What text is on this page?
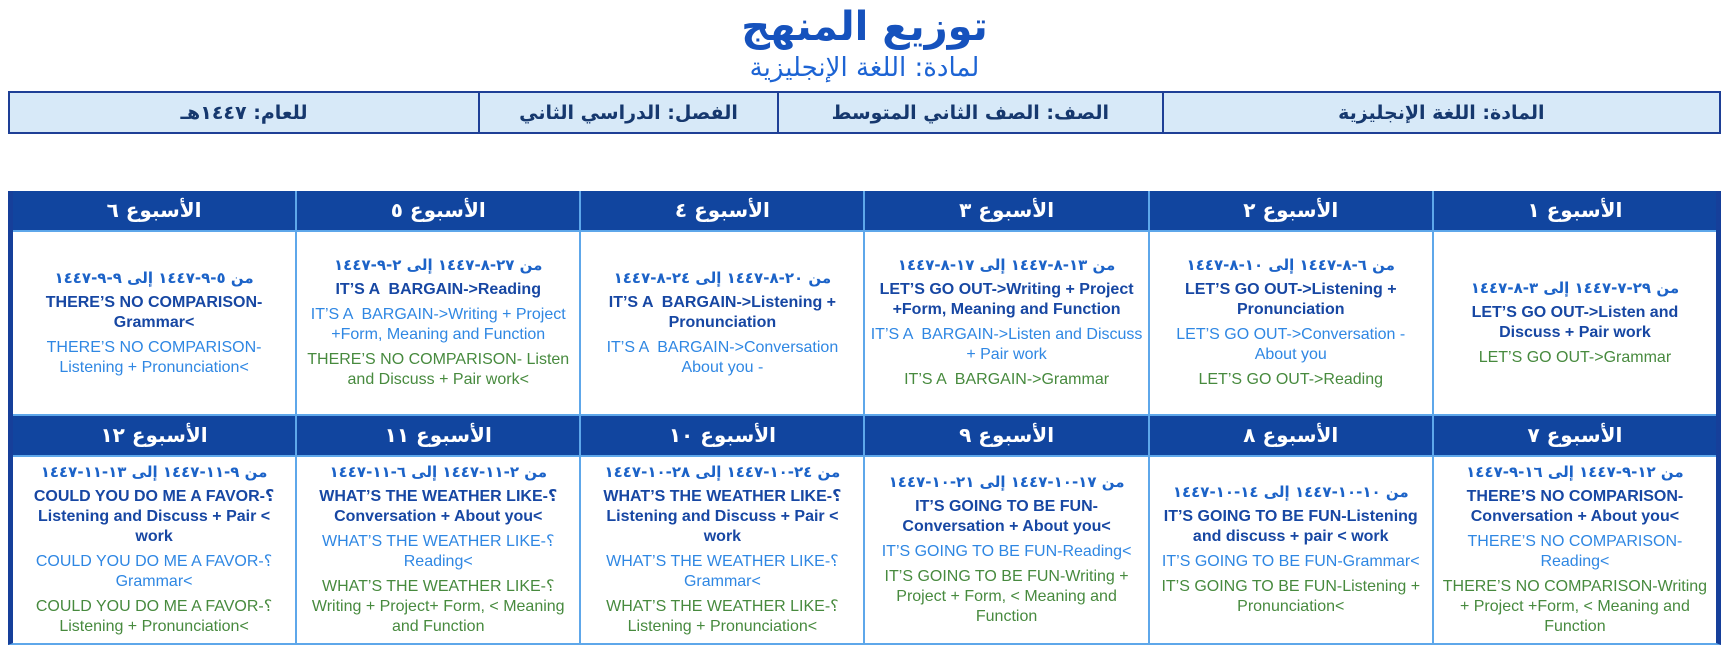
توزيع المنهج
لمادة: اللغة الإنجليزية
المادة: اللغة الإنجليزية
الصف: الصف الثاني المتوسط
الفصل: الدراسي الثاني
للعام: ١٤٤٧هـ
الأسبوع ١
الأسبوع ٢
الأسبوع ٣
الأسبوع ٤
الأسبوع ٥
الأسبوع ٦
من ٢٩-٧-١٤٤٧ إلى ٣-٨-١٤٤٧
LET’S GO OUT->Listen and Discuss + Pair work
LET’S GO OUT->Grammar
من ٦-٨-١٤٤٧ إلى ١٠-٨-١٤٤٧
LET’S GO OUT->Listening + Pronunciation
LET’S GO OUT->Conversation - About you
LET’S GO OUT->Reading
من ١٣-٨-١٤٤٧ إلى ١٧-٨-١٤٤٧
LET’S GO OUT->Writing + Project +Form, Meaning and Function
IT’S A  BARGAIN->Listen and Discuss + Pair work
IT’S A  BARGAIN->Grammar
من ٢٠-٨-١٤٤٧ إلى ٢٤-٨-١٤٤٧
IT’S A  BARGAIN->Listening + Pronunciation
IT’S A  BARGAIN->Conversation About you -
من ٢٧-٨-١٤٤٧ إلى ٢-٩-١٤٤٧
IT’S A  BARGAIN->Reading
IT’S A  BARGAIN->Writing + Project +Form, Meaning and Function
THERE’S NO COMPARISON- Listen and Discuss + Pair work<
من ٥-٩-١٤٤٧ إلى ٩-٩-١٤٤٧
THERE’S NO COMPARISON-Grammar<
THERE’S NO COMPARISON-Listening + Pronunciation<
الأسبوع ٧
الأسبوع ٨
الأسبوع ٩
الأسبوع ١٠
الأسبوع ١١
الأسبوع ١٢
من ١٢-٩-١٤٤٧ إلى ١٦-٩-١٤٤٧
THERE’S NO COMPARISON-Conversation + About you<
THERE’S NO COMPARISON-Reading<
THERE’S NO COMPARISON-Writing + Project +Form, < Meaning and Function
من ١٠-١٠-١٤٤٧ إلى ١٤-١٠-١٤٤٧
IT’S GOING TO BE FUN-Listening and discuss + pair < work
IT’S GOING TO BE FUN-Grammar<
IT’S GOING TO BE FUN-Listening + Pronunciation<
من ١٧-١٠-١٤٤٧ إلى ٢١-١٠-١٤٤٧
IT’S GOING TO BE FUN-Conversation + About you<
IT’S GOING TO BE FUN-Reading<
IT’S GOING TO BE FUN-Writing + Project + Form, < Meaning and Function
من ٢٤-١٠-١٤٤٧ إلى ٢٨-١٠-١٤٤٧
WHAT’S THE WEATHER LIKE-؟ Listening and Discuss + Pair < work
WHAT’S THE WEATHER LIKE-؟ Grammar<
WHAT’S THE WEATHER LIKE-؟ Listening + Pronunciation<
من ٢-١١-١٤٤٧ إلى ٦-١١-١٤٤٧
WHAT’S THE WEATHER LIKE-؟ Conversation + About you<
WHAT’S THE WEATHER LIKE-؟ Reading<
WHAT’S THE WEATHER LIKE-؟ Writing + Project+ Form, < Meaning and Function
من ٩-١١-١٤٤٧ إلى ١٣-١١-١٤٤٧
COULD YOU DO ME A FAVOR-؟ Listening and Discuss + Pair < work
COULD YOU DO ME A FAVOR-؟ Grammar<
COULD YOU DO ME A FAVOR-؟ Listening + Pronunciation<
